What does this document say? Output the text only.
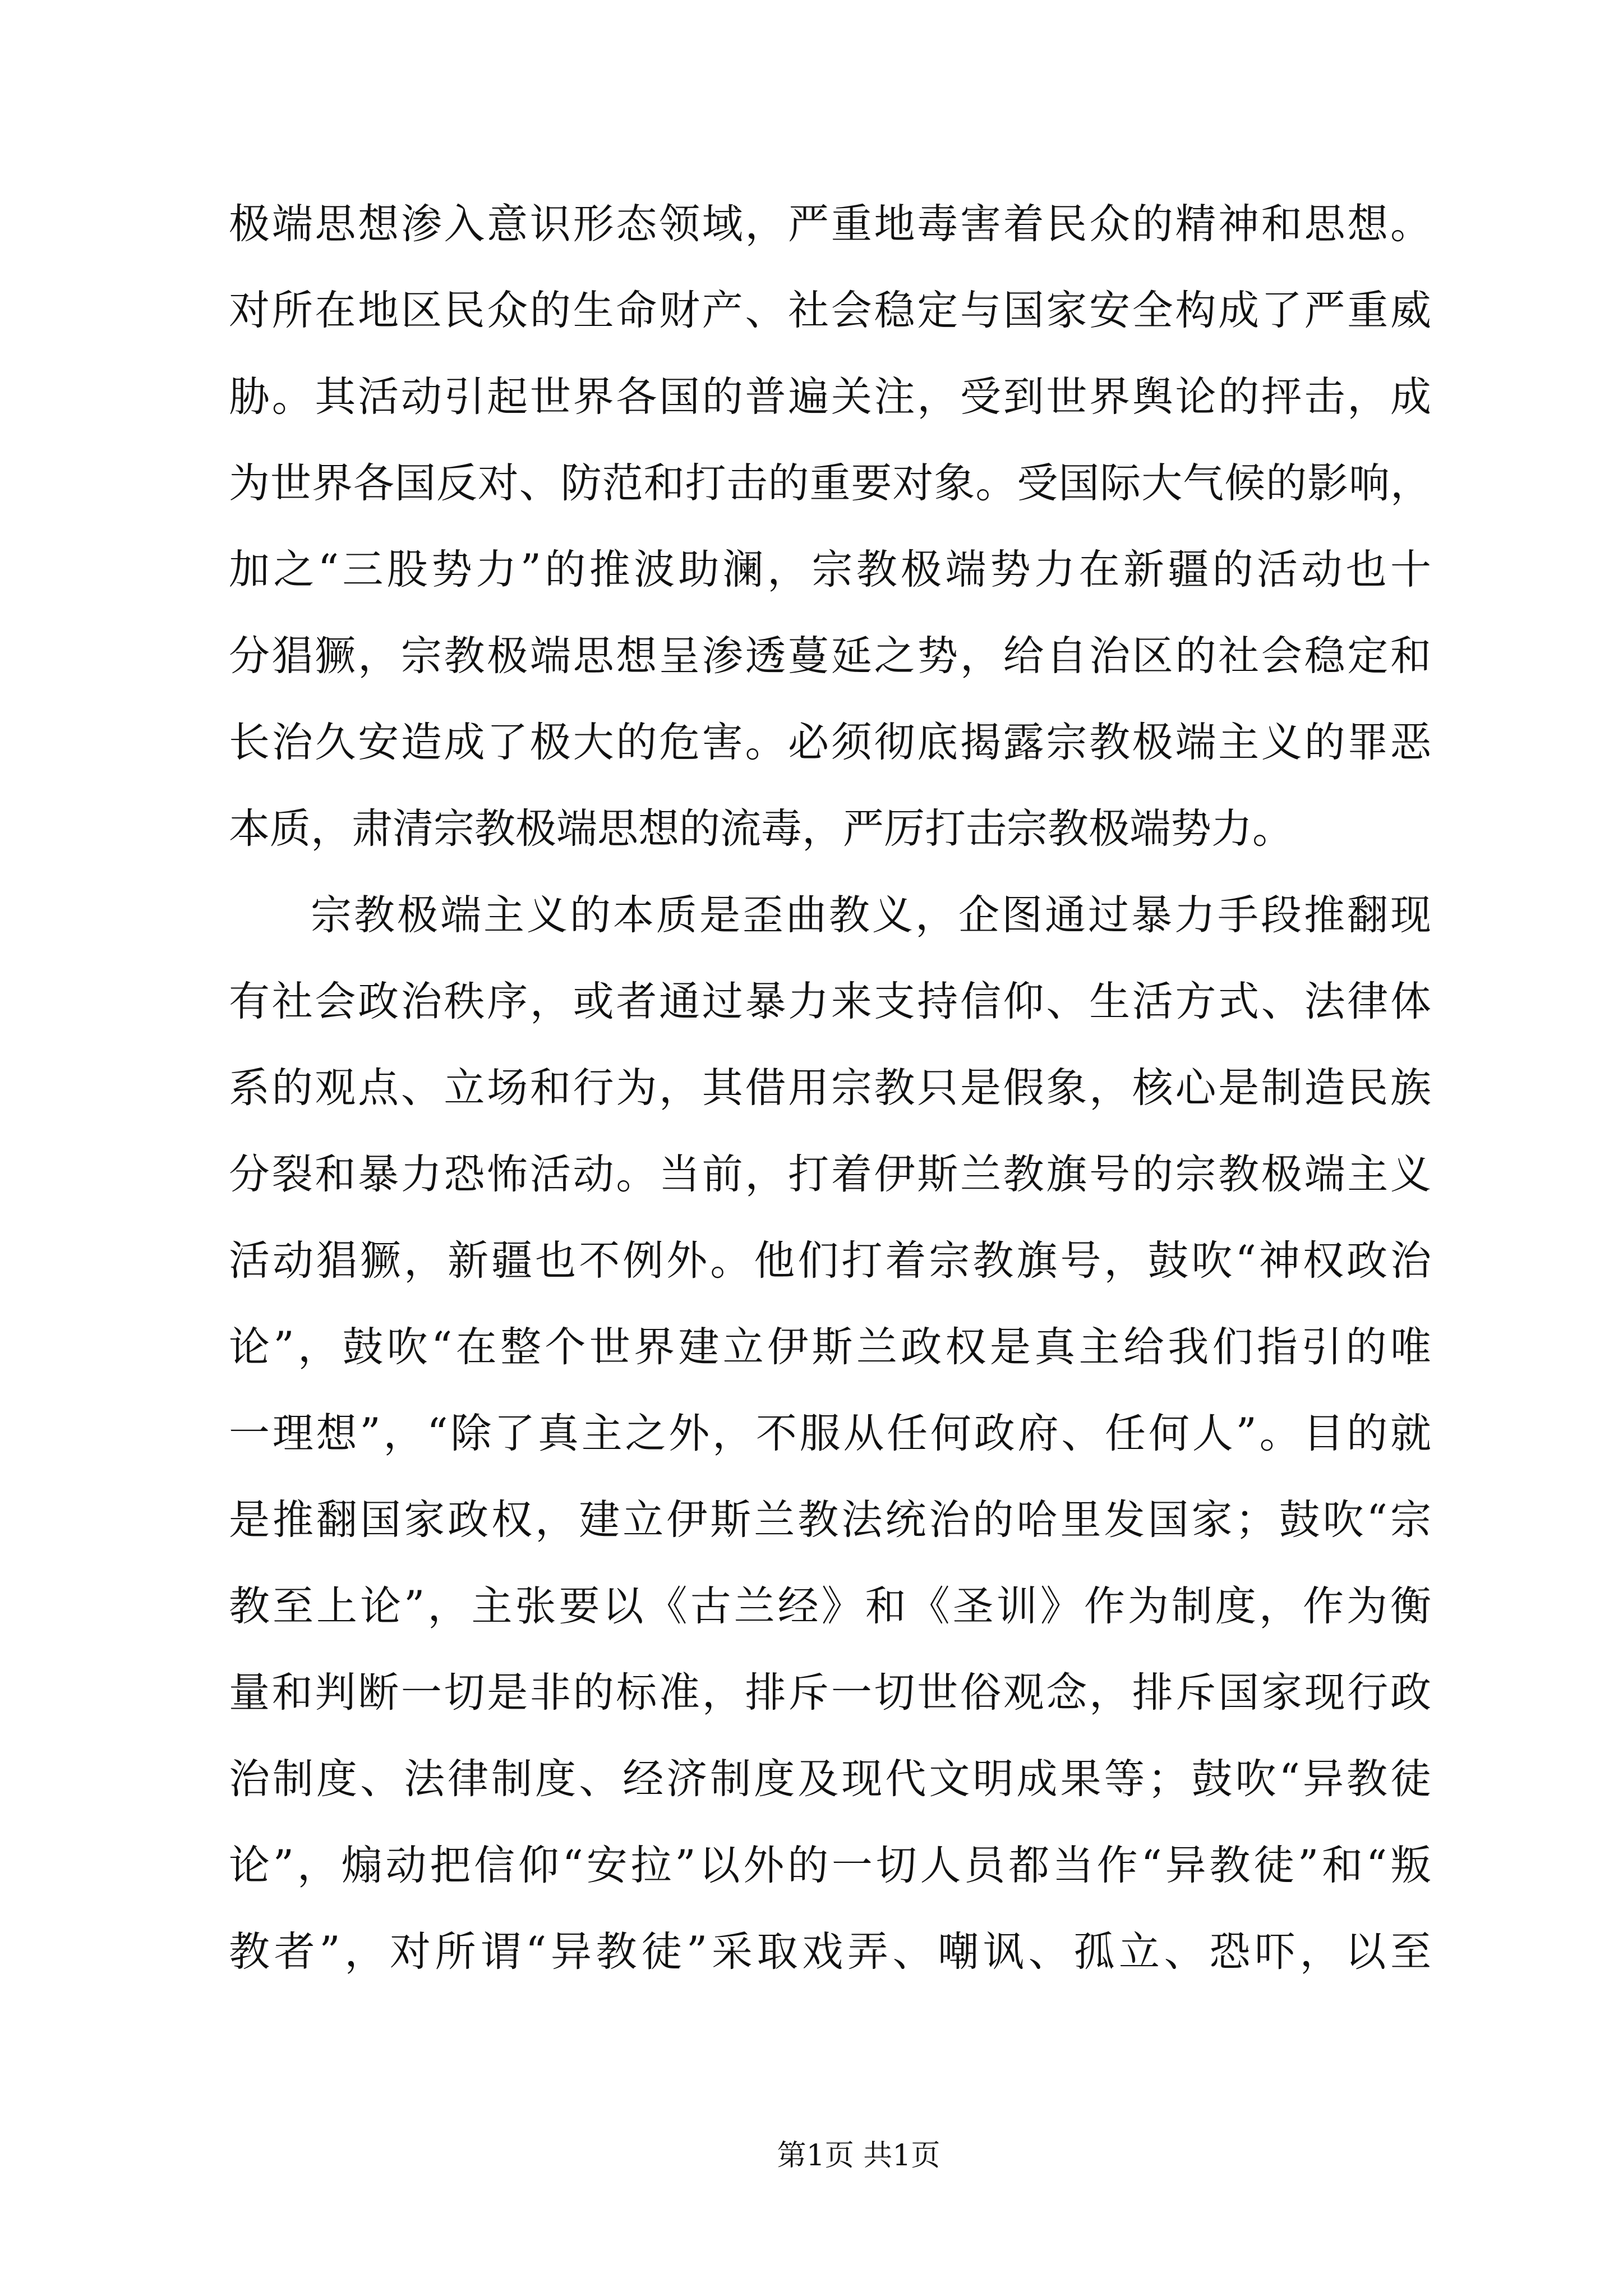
极端思想渗入意识形态领域，严重地毒害着民众的精神和思想。
对所在地区民众的生命财产、社会稳定与国家安全构成了严重威
胁。其活动引起世界各国的普遍关注，受到世界舆论的抨击，成
为世界各国反对、防范和打击的重要对象。受国际大气候的影响，
加之“三股势力”的推波助澜，宗教极端势力在新疆的活动也十
分猖獗，宗教极端思想呈渗透蔓延之势，给自治区的社会稳定和
长治久安造成了极大的危害。必须彻底揭露宗教极端主义的罪恶
本质，肃清宗教极端思想的流毒，严厉打击宗教极端势力。
宗教极端主义的本质是歪曲教义，企图通过暴力手段推翻现
有社会政治秩序，或者通过暴力来支持信仰、生活方式、法律体
系的观点、立场和行为，其借用宗教只是假象，核心是制造民族
分裂和暴力恐怖活动。当前，打着伊斯兰教旗号的宗教极端主义
活动猖獗，新疆也不例外。他们打着宗教旗号，鼓吹“神权政治
论”，鼓吹“在整个世界建立伊斯兰政权是真主给我们指引的唯
一理想”，“除了真主之外，不服从任何政府、任何人”。目的就
是推翻国家政权，建立伊斯兰教法统治的哈里发国家；鼓吹“宗
教至上论”，主张要以《古兰经》和《圣训》作为制度，作为衡
量和判断一切是非的标准，排斥一切世俗观念，排斥国家现行政
治制度、法律制度、经济制度及现代文明成果等；鼓吹“异教徒
论”，煽动把信仰“安拉”以外的一切人员都当作“异教徒”和“叛
教者”，对所谓“异教徒”采取戏弄、嘲讽、孤立、恐吓，以至
第1页 共1页
